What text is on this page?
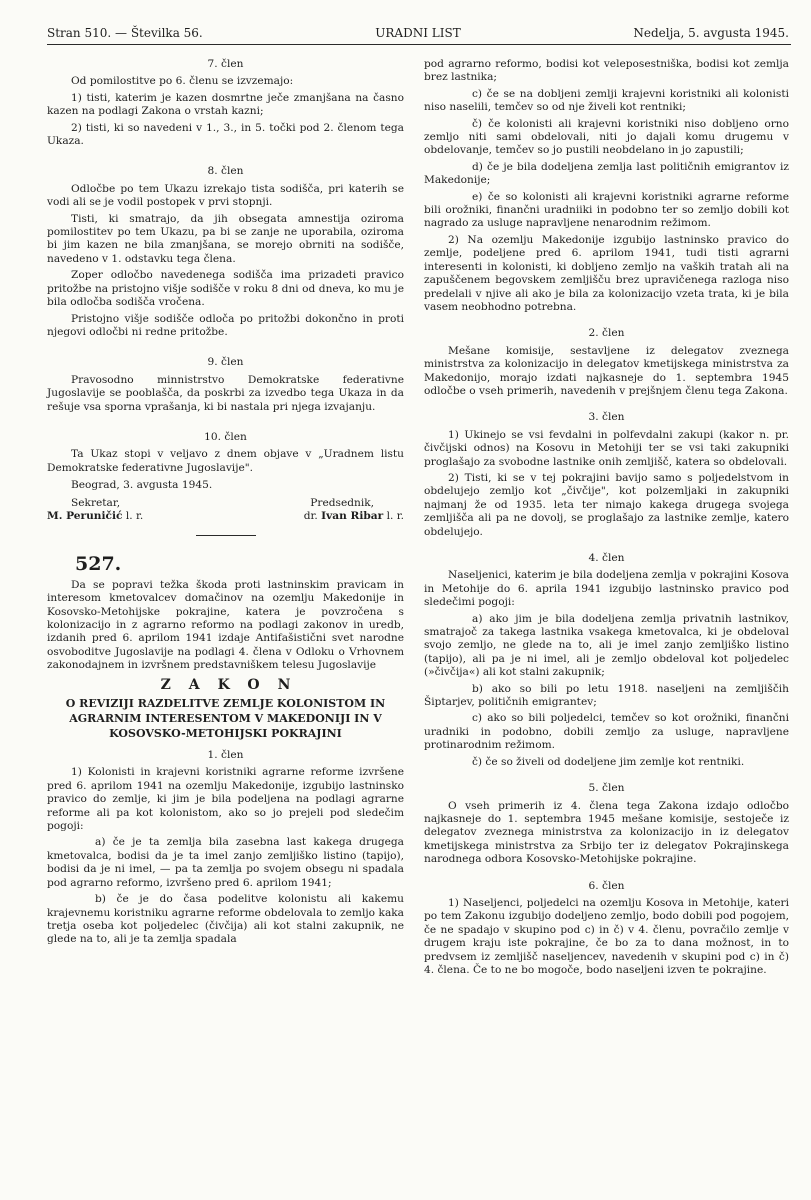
Stran 510. — Številka 56.	URADNI LIST	Nedelja, 5. avgusta 1945.
7. člen
Od pomilostitve po 6. členu se izvzemajo:
1) tisti, katerim je kazen dosmrtne ječe zmanjšana na časno kazen na podlagi Zakona o vrstah kazni;
2) tisti, ki so navedeni v 1., 3., in 5. točki pod 2. členom tega Ukaza.
8. člen
Odločbe po tem Ukazu izrekajo tista sodišča, pri katerih se vodi ali se je vodil postopek v prvi stopnji.
Tisti, ki smatrajo, da jih obsegata amnestija oziroma pomilostitev po tem Ukazu, pa bi se zanje ne uporabila, oziroma bi jim kazen ne bila zmanjšana, se morejo obrniti na sodišče, navedeno v 1. odstavku tega člena.
Zoper odločbo navedenega sodišča ima prizadeti pravico pritožbe na pristojno višje sodišče v roku 8 dni od dneva, ko mu je bila odločba sodišča vročena.
Pristojno višje sodišče odloča po pritožbi dokončno in proti njegovi odločbi ni redne pritožbe.
9. člen
Pravosodno minnistrstvo Demokratske federativne Jugoslavije se pooblašča, da poskrbi za izvedbo tega Ukaza in da rešuje vsa sporna vprašanja, ki bi nastala pri njega izvajanju.
10. člen
Ta Ukaz stopi v veljavo z dnem objave v „Uradnem listu Demokratske federativne Jugoslavije".
Beograd, 3. avgusta 1945.
Sekretar,	Predsednik,
M. Peruničić l. r.	dr. Ivan Ribar l. r.
527.
Da se popravi težka škoda proti lastninskim pravicam in interesom kmetovalcev domačinov na ozemlju Makedonije in Kosovsko-Metohijske pokrajine, katera je povzročena s kolonizacijo in z agrarno reformo na podlagi zakonov in uredb, izdanih pred 6. aprilom 1941 izdaje Antifašistični svet narodne osvoboditve Jugoslavije na podlagi 4. člena v Odloku o Vrhovnem zakonodajnem in izvršnem predstavniškem telesu Jugoslavije
ZAKON
O REVIZIJI RAZDELITVE ZEMLJE KOLONISTOM IN AGRARNIM INTERESENTOM V MAKEDONIJI IN V KOSOVSKO-METOHIJSKI POKRAJINI
1. člen
1) Kolonisti in krajevni koristniki agrarne reforme izvršene pred 6. aprilom 1941 na ozemlju Makedonije, izgubijo lastninsko pravico do zemlje, ki jim je bila podeljena na podlagi agrarne reforme ali pa kot kolonistom, ako so jo prejeli pod sledečim pogoji:
a) če je ta zemlja bila zasebna last kakega drugega kmetovalca, bodisi da je ta imel zanjo zemljiško listino (tapijo), bodisi da je ni imel, — pa ta zemlja po svojem obsegu ni spadala pod agrarno reformo, izvršeno pred 6. aprilom 1941;
b) če je do časa podelitve kolonistu ali kakemu krajevnemu koristniku agrarne reforme obdelovala to zemljo kaka tretja oseba kot poljedelec (čivčija) ali kot stalni zakupnik, ne glede na to, ali je ta zemlja spadala
pod agrarno reformo, bodisi kot veleposestniška, bodisi kot zemlja brez lastnika;
c) če se na dobljeni zemlji krajevni koristniki ali kolonisti niso naselili, temčev so od nje živeli kot rentniki;
č) če kolonisti ali krajevni koristniki niso dobljeno orno zemljo niti sami obdelovali, niti jo dajali komu drugemu v obdelovanje, temčev so jo pustili neobdelano in jo zapustili;
d) če je bila dodeljena zemlja last političnih emigrantov iz Makedonije;
e) če so kolonisti ali krajevni koristniki agrarne reforme bili orožniki, finančni uradniiki in podobno ter so zemljo dobili kot nagrado za usluge napravljene nenarodnim režimom.
2) Na ozemlju Makedonije izgubijo lastninsko pravico do zemlje, podeljene pred 6. aprilom 1941, tudi tisti agrarni interesenti in kolonisti, ki dobljeno zemljo na vaških tratah ali na zapuščenem begovskem zemljišču brez upravičenega razloga niso predelali v njive ali ako je bila za kolonizacijo vzeta trata, ki je bila vasem neobhodno potrebna.
2. člen
Mešane komisije, sestavljene iz delegatov zveznega ministrstva za kolonizacijo in delegatov kmetijskega ministrstva za Makedonijo, morajo izdati najkasneje do 1. septembra 1945 odločbe o vseh primerih, navedenih v prejšnjem členu tega Zakona.
3. člen
1) Ukinejo se vsi fevdalni in polfevdalni zakupi (kakor n. pr. čivčijski odnos) na Kosovu in Metohiji ter se vsi taki zakupniki proglašajo za svobodne lastnike onih zemljišč, katera so obdelovali.
2) Tisti, ki se v tej pokrajini bavijo samo s poljedelstvom in obdelujejo zemljo kot „čivčije", kot polzemljaki in zakupniki najmanj že od 1935. leta ter nimajo kakega drugega svojega zemljišča ali pa ne dovolj, se proglašajo za lastnike zemlje, katero obdelujejo.
4. člen
Naseljenici, katerim je bila dodeljena zemlja v pokrajini Kosova in Metohije do 6. aprila 1941 izgubijo lastninsko pravico pod sledečimi pogoji:
a) ako jim je bila dodeljena zemlja privatnih lastnikov, smatrajoč za takega lastnika vsakega kmetovalca, ki je obdeloval svojo zemljo, ne glede na to, ali je imel zanjo zemljiško listino (tapijo), ali pa je ni imel, ali je zemljo obdeloval kot poljedelec (»čivčija«) ali kot stalni zakupnik;
b) ako so bili po letu 1918. naseljeni na zemljiščih Šiptarjev, političnih emigrantev;
c) ako so bili poljedelci, temčev so kot orožniki, finančni uradniki in podobno, dobili zemljo za usluge, napravljene protinarodnim režimom.
č) če so živeli od dodeljene jim zemlje kot rentniki.
5. člen
O vseh primerih iz 4. člena tega Zakona izdajo odločbo najkasneje do 1. septembra 1945 mešane komisije, sestoječe iz delegatov zveznega ministrstva za kolonizacijo in iz delegatov kmetijskega ministrstva za Srbijo ter iz delegatov Pokrajinskega narodnega odbora Kosovsko-Metohijske pokrajine.
6. člen
1) Naseljenci, poljedelci na ozemlju Kosova in Metohije, kateri po tem Zakonu izgubijo dodeljeno zemljo, bodo dobili pod pogojem, če ne spadajo v skupino pod c) in č) v 4. členu, povračilo zemlje v drugem kraju iste pokrajine, če bo za to dana možnost, in to predvsem iz zemljišč naseljencev, navedenih v skupini pod c) in č) 4. člena. Če to ne bo mogoče, bodo naseljeni izven te pokrajine.
